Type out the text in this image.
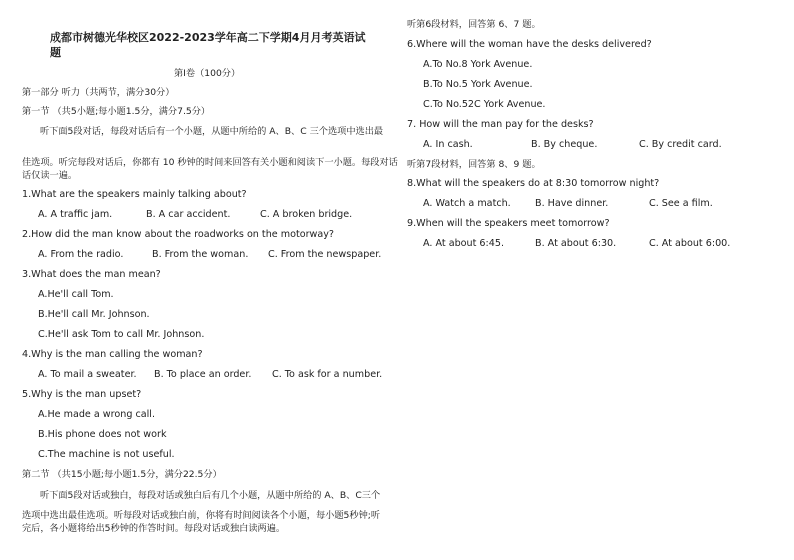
成都市树德光华校区2022-2023学年高二下学期4月月考英语试
题
第Ⅰ卷（100分）
第一部分 听力（共两节，满分30分）
第一节 （共5小题;每小题1.5分，满分7.5分）
听下面5段对话，每段对话后有一个小题，从题中所给的 A、B、C 三个选项中选出最
佳选项。听完每段对话后，你都有 10 秒钟的时间来回答有关小题和阅读下一小题。每段对话
话仅读一遍。
1.What are the speakers mainly talking about?
A. A traffic jam.	B. A car accident.	C. A broken bridge.
2.How did the man know about the roadworks on the motorway?
A. From the radio.	B. From the woman. C. From the newspaper.
3.What does the man mean?
A.He'll call Tom.
B.He'll call Mr. Johnson.
C.He'll ask Tom to call Mr. Johnson.
4.Why is the man calling the woman?
A. To mail a sweater. B. To place an order. C. To ask for a number.
5.Why is the man upset?
A.He made a wrong call.
B.His phone does not work
C.The machine is not useful.
第二节 （共15小题;每小题1.5分，满分22.5分）
听下面5段对话或独白，每段对话或独白后有几个小题，从题中所给的 A、B、C三个
选项中选出最佳选项。听每段对话或独白前，你将有时间阅读各个小题，每小题5秒钟;听
完后，各小题将给出5秒钟的作答时间。每段对话或独白读两遍。
听第6段材料，回答第 6、7 题。
6.Where will the woman have the desks delivered?
A.To No.8 York Avenue.
B.To No.5 York Avenue.
C.To No.52C York Avenue.
7. How will the man pay for the desks?
A. In cash.	B. By cheque.	C. By credit card.
听第7段材料，回答第 8、9 题。
8.What will the speakers do at 8:30 tomorrow night?
A. Watch a match.	B. Have dinner.	C. See a film.
9.When will the speakers meet tomorrow?
A. At about 6:45.	B. At about 6:30.	C. At about 6:00.
